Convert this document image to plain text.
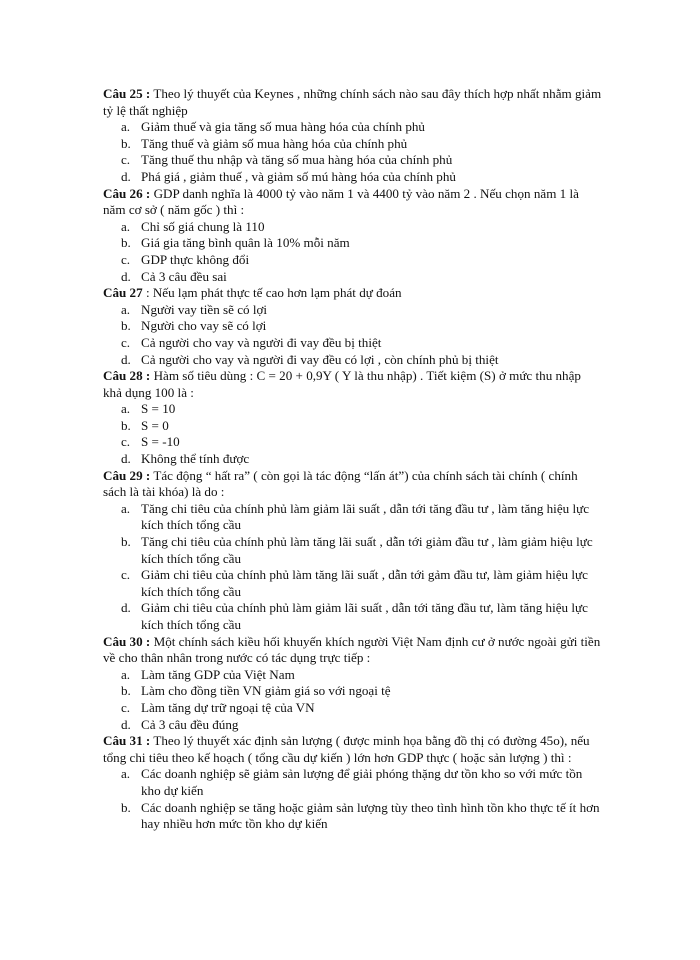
Câu 25 : Theo lý thuyết của Keynes , những chính sách nào sau đây thích hợp nhất nhằm giảm tỷ lệ thất nghiệp

a. Giảm thuế và gia tăng số mua hàng hóa của chính phủ
b. Tăng thuế và giảm số mua hàng hóa của chính phủ
c. Tăng thuế thu nhập và tăng số mua hàng hóa của chính phủ
d. Phá giá , giảm thuế , và giảm số mú hàng hóa của chính phủ

Câu 26 : GDP danh nghĩa là 4000 tỷ vào năm 1 và 4400 tỷ vào năm 2 . Nếu chọn năm 1 là năm cơ sở ( năm gốc ) thì :

a. Chỉ số giá chung là 110
b. Giá gia tăng bình quân là 10% mỗi năm
c. GDP thực không đổi
d. Cả 3 câu đều sai

Câu 27 : Nếu lạm phát thực tế cao hơn lạm phát dự đoán

a. Người vay tiền sẽ có lợi
b. Người cho vay sẽ có lợi
c. Cả người cho vay và người đi vay đều bị thiệt
d. Cả người cho vay và người đi vay đều có lợi , còn chính phủ bị thiệt

Câu 28 : Hàm số tiêu dùng : C = 20 + 0,9Y ( Y là thu nhập) . Tiết kiệm (S) ở mức thu nhập khả dụng 100 là :

a. S = 10
b. S = 0
c. S = -10
d. Không thể tính được

Câu 29 : Tác động “ hất ra” ( còn gọi là tác động “lấn át”) của chính sách tài chính ( chính sách là tài khóa) là do :

a. Tăng chi tiêu của chính phủ làm giảm lãi suất , dẫn tới tăng đầu tư , làm tăng hiệu lực kích thích tổng cầu
b. Tăng chi tiêu của chính phủ làm tăng lãi suất , dẫn tới giảm đầu tư , làm giảm hiệu lực kích thích tổng cầu
c. Giảm chi tiêu của chính phủ làm tăng lãi suất , dẫn tới gảm đầu tư, làm giảm hiệu lực kích thích tổng cầu
d. Giảm chi tiêu của chính phủ làm giảm lãi suất , dẫn tới tăng đầu tư, làm tăng hiệu lực kích thích tổng cầu

Câu 30 : Một chính sách kiều hối khuyến khích người Việt Nam định cư ở nước ngoài gửi tiền về cho thân nhân trong nước có tác dụng trực tiếp :

a. Làm tăng GDP của Việt Nam
b. Làm cho đồng tiền VN giảm giá so với ngoại tệ
c. Làm tăng dự trữ ngoại tệ của VN
d. Cả 3 câu đều đúng

Câu 31 : Theo lý thuyết xác định sản lượng ( được minh họa bằng đồ thị có đường 45o), nếu tổng chi tiêu theo kế hoạch ( tổng cầu dự kiến ) lớn hơn GDP thực ( hoặc sản lượng ) thì :

a. Các doanh nghiệp sẽ giảm sản lượng để giải phóng thặng dư tồn kho so với mức tồn kho dự kiến
b. Các doanh nghiệp se tăng hoặc giảm sản lượng tùy theo tình hình tồn kho thực tế ít hơn hay nhiều hơn mức tồn kho dự kiến
